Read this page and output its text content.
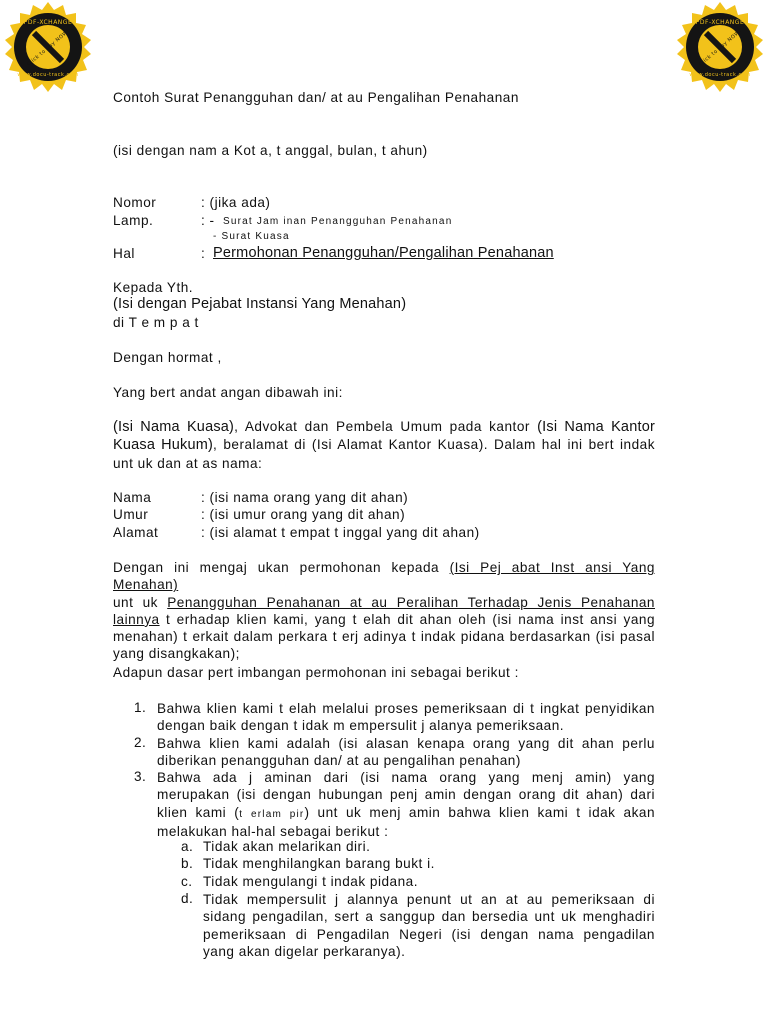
PDF-XCHANGE
Click to buy NOW!
www.docu-track.com
PDF-XCHANGE
Click to buy NOW!
www.docu-track.com
Contoh Surat Penangguhan dan/ at au Pengalihan Penahanan
(isi dengan nam a Kot a, t anggal, bulan, t ahun)
Nomor	: (jika ada)
Lamp.	: - Surat Jam inan Penangguhan Penahanan
- Surat Kuasa
Hal	: Permohonan Penangguhan/Pengalihan Penahanan
Kepada Yth.
(Isi dengan Pejabat Instansi Yang Menahan)
di T e m p a t
Dengan hormat ,
Yang bert andat angan dibawah ini:
(Isi Nama Kuasa), Advokat dan Pembela Umum pada kantor (Isi Nama Kantor
Kuasa Hukum), beralamat di (Isi Alamat Kantor Kuasa). Dalam hal ini bert indak
unt uk dan at as nama:
Nama	: (isi nama orang yang dit ahan)
Umur	: (isi umur orang yang dit ahan)
Alamat	: (isi alamat t empat t inggal yang dit ahan)
Dengan ini mengaj ukan permohonan kepada (Isi Pej abat Inst ansi Yang Menahan)
unt uk Penangguhan Penahanan at au Peralihan Terhadap Jenis Penahanan
lainnya t erhadap klien kami, yang t elah dit ahan oleh (isi nama inst ansi yang
menahan) t erkait dalam perkara t erj adinya t indak pidana berdasarkan (isi pasal
yang disangkakan);
Adapun dasar pert imbangan permohonan ini sebagai berikut :
1. Bahwa klien kami t elah melalui proses pemeriksaan di t ingkat penyidikan
dengan baik dengan t idak m empersulit j alanya pemeriksaan.
2. Bahwa klien kami adalah (isi alasan kenapa orang yang dit ahan perlu
diberikan penangguhan dan/ at au pengalihan penahan)
3. Bahwa ada j aminan dari (isi nama orang yang menj amin) yang
merupakan (isi dengan hubungan penj amin dengan orang dit ahan) dari
klien kami (t erlam pir) unt uk menj amin bahwa klien kami t idak akan
melakukan hal-hal sebagai berikut :
a. Tidak akan melarikan diri.
b. Tidak menghilangkan barang bukt i.
c. Tidak mengulangi t indak pidana.
d. Tidak mempersulit j alannya penunt ut an at au pemeriksaan di
sidang pengadilan, sert a sanggup dan bersedia unt uk menghadiri
pemeriksaan di Pengadilan Negeri (isi dengan nama pengadilan
yang akan digelar perkaranya).
